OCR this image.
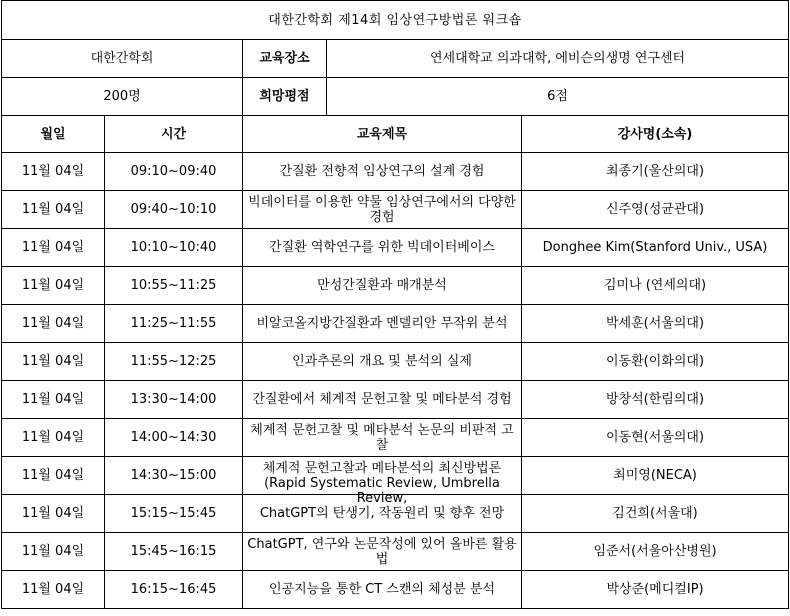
대한간학회 제14회 임상연구방법론 워크숍				
대한간학회		교육장소	연세대학교 의과대학, 에비슨의생명 연구센터	
200명		희망평점	6점	
월일	시간	교육제목		강사명(소속)

11월 04일	09:10~09:40	간질환 전향적 임상연구의 설계 경험		최종기(울산의대)

11월 04일	09:40~10:10	빅데이터를 이용한 약물 임상연구에서의 다양한 경험		신주영(성균관대)

11월 04일	10:10~10:40	간질환 역학연구를 위한 빅데이터베이스		Donghee Kim(Stanford Univ., USA)

11월 04일	10:55~11:25	만성간질환과 매개분석		김미나 (연세의대)

11월 04일	11:25~11:55	비알코올지방간질환과 멘델리안 무작위 분석		박세훈(서울의대)

11월 04일	11:55~12:25	인과추론의 개요 및 분석의 실제		이동환(이화의대)

11월 04일	13:30~14:00	간질환에서 체계적 문헌고찰 및 메타분석 경험		방창석(한림의대)

11월 04일	14:00~14:30	체계적 문헌고찰 및 메타분석 논문의 비판적 고찰		이동현(서울의대)

11월 04일	14:30~15:00	체계적 문헌고찰과 메타분석의 최신방법론 (Rapid Systematic Review, Umbrella Review,		최미영(NECA)

11월 04일	15:15~15:45	ChatGPT의 탄생기, 작동원리 및 향후 전망		김건희(서울대)

11월 04일	15:45~16:15	ChatGPT, 연구와 논문작성에 있어 올바른 활용법		임준서(서울아산병원)

11월 04일	16:15~16:45	인공지능을 통한 CT 스캔의 체성분 분석		박상준(메디컬IP)
